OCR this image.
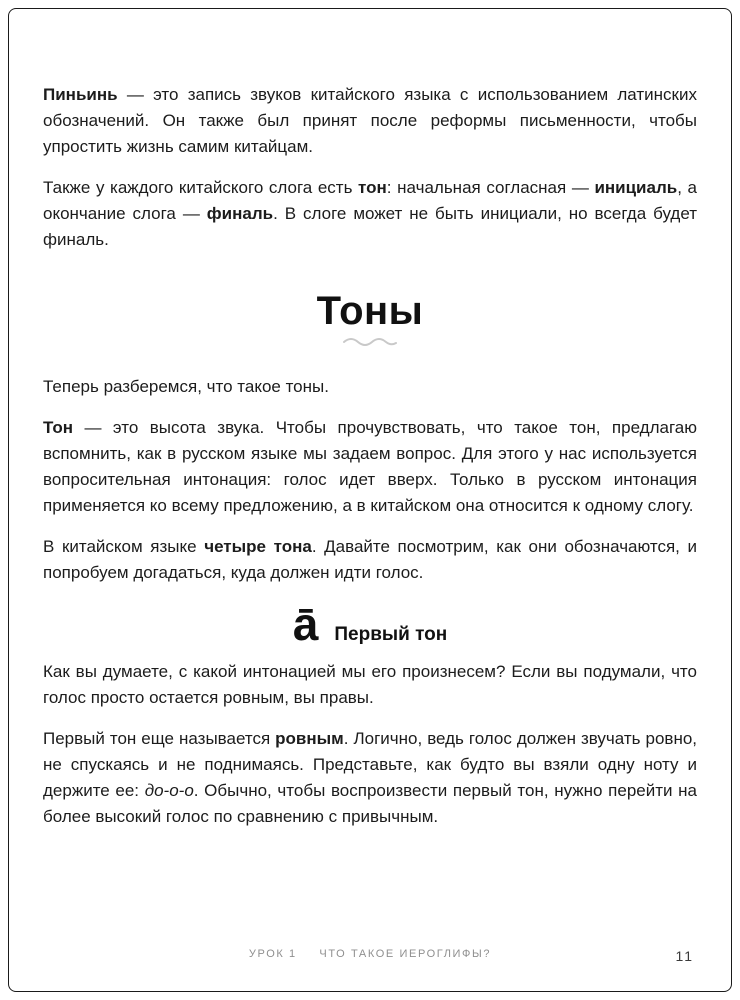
Пиньинь — это запись звуков китайского языка с использованием латинских обозначений. Он также был принят после реформы письменности, чтобы упростить жизнь самим китайцам.

Также у каждого китайского слога есть тон: начальная согласная — инициаль, а окончание слога — финаль. В слоге может не быть инициали, но всегда будет финаль.

Тоны

Теперь разберемся, что такое тоны.

Тон — это высота звука. Чтобы прочувствовать, что такое тон, предлагаю вспомнить, как в русском языке мы задаем вопрос. Для этого у нас используется вопросительная интонация: голос идет вверх. Только в русском интонация применяется ко всему предложению, а в китайском она относится к одному слогу.

В китайском языке четыре тона. Давайте посмотрим, как они обозначаются, и попробуем догадаться, куда должен идти голос.

ā Первый тон

Как вы думаете, с какой интонацией мы его произнесем? Если вы подумали, что голос просто остается ровным, вы правы.

Первый тон еще называется ровным. Логично, ведь голос должен звучать ровно, не спускаясь и не поднимаясь. Представьте, как будто вы взяли одну ноту и держите ее: до-о-о. Обычно, чтобы воспроизвести первый тон, нужно перейти на более высокий голос по сравнению с привычным.

УРОК 1 ЧТО ТАКОЕ ИЕРОГЛИФЫ?	11
